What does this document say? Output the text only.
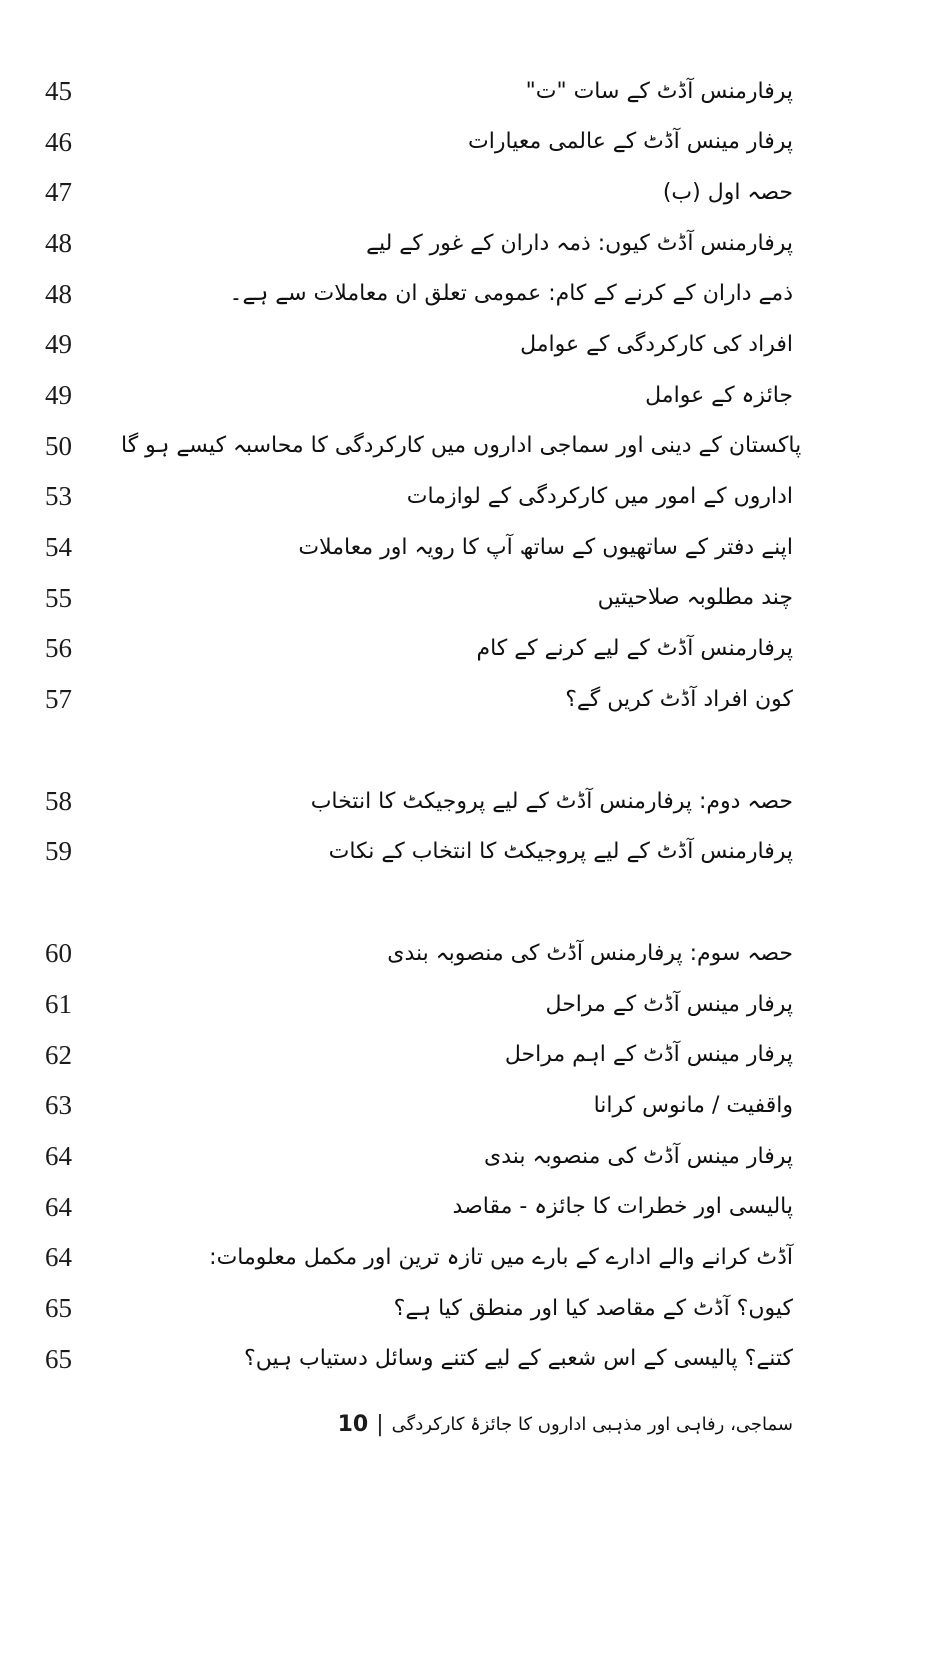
45	پرفارمنس آڈٹ کے سات "ت"
46	پرفار مینس آڈٹ کے عالمی معیارات
47	حصہ اول (ب)
48	پرفارمنس آڈٹ کیوں: ذمہ داران کے غور کے لیے
48	ذمے داران کے کرنے کے کام: عمومی تعلق ان معاملات سے ہے۔
49	افراد کی کارکردگی کے عوامل
49	جائزہ کے عوامل
50	پاکستان کے دینی اور سماجی اداروں میں کارکردگی کا محاسبہ کیسے ہو گا
53	اداروں کے امور میں کارکردگی کے لوازمات
54	اپنے دفتر کے ساتھیوں کے ساتھ آپ کا رویہ اور معاملات
55	چند مطلوبہ صلاحیتیں
56	پرفارمنس آڈٹ کے لیے کرنے کے کام
57	کون افراد آڈٹ کریں گے؟
58	حصہ دوم: پرفارمنس آڈٹ کے لیے پروجیکٹ کا انتخاب
59	پرفارمنس آڈٹ کے لیے پروجیکٹ کا انتخاب کے نکات
60	حصہ سوم: پرفارمنس آڈٹ کی منصوبہ بندی
61	پرفار مینس آڈٹ کے مراحل
62	پرفار مینس آڈٹ کے اہم مراحل
63	واقفیت / مانوس کرانا
64	پرفار مینس آڈٹ کی منصوبہ بندی
64	پالیسی اور خطرات کا جائزہ - مقاصد
64	آڈٹ کرانے والے ادارے کے بارے میں تازہ ترین اور مکمل معلومات:
65	کیوں؟ آڈٹ کے مقاصد کیا اور منطق کیا ہے؟
65	کتنے؟ پالیسی کے اس شعبے کے لیے کتنے وسائل دستیاب ہیں؟
10 | سماجی، رفاہی اور مذہبی اداروں کا جائزۂ کارکردگی
